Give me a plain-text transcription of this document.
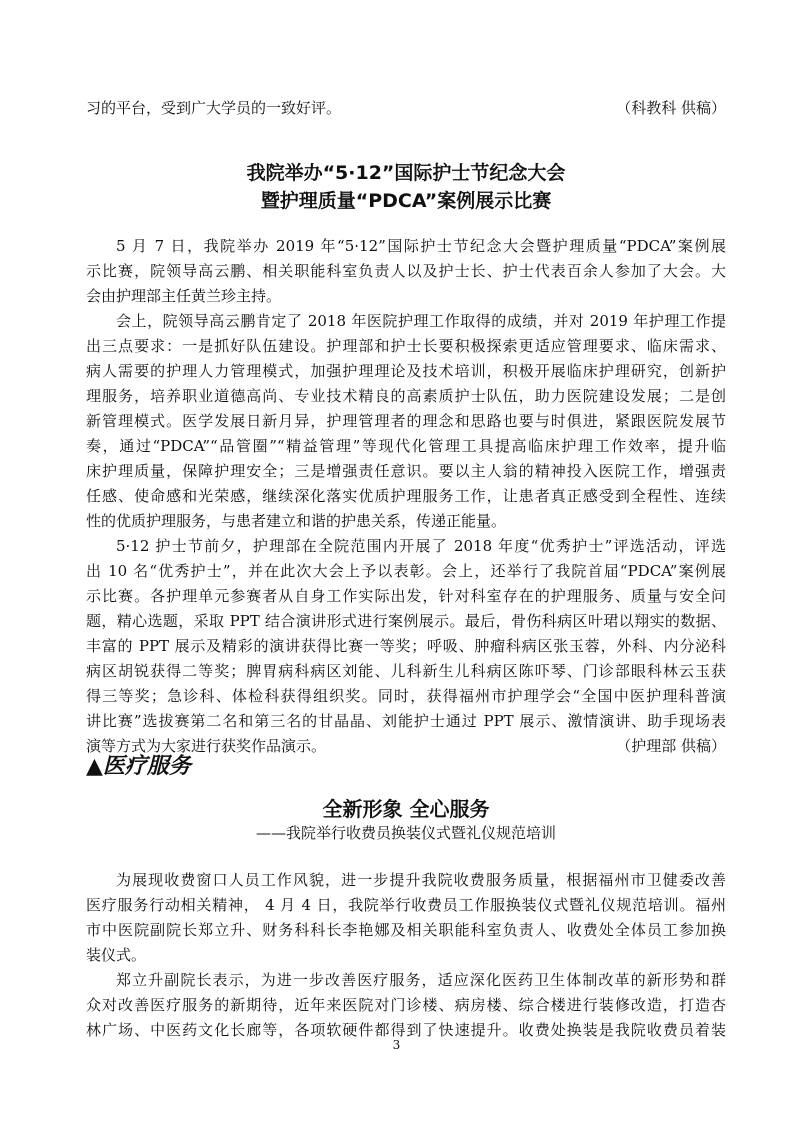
习的平台，受到广大学员的一致好评。	（科教科 供稿）
我院举办“5·12”国际护士节纪念大会
暨护理质量“PDCA”案例展示比赛
5 月 7 日，我院举办 2019 年“5·12”国际护士节纪念大会暨护理质量“PDCA”案例展
示比赛，院领导高云鹏、相关职能科室负责人以及护士长、护士代表百余人参加了大会。大
会由护理部主任黄兰珍主持。
会上，院领导高云鹏肯定了 2018 年医院护理工作取得的成绩，并对 2019 年护理工作提
出三点要求：一是抓好队伍建设。护理部和护士长要积极探索更适应管理要求、临床需求、
病人需要的护理人力管理模式，加强护理理论及技术培训，积极开展临床护理研究，创新护
理服务，培养职业道德高尚、专业技术精良的高素质护士队伍，助力医院建设发展；二是创
新管理模式。医学发展日新月异，护理管理者的理念和思路也要与时俱进，紧跟医院发展节
奏，通过“PDCA”“品管圈”“精益管理”等现代化管理工具提高临床护理工作效率，提升临
床护理质量，保障护理安全；三是增强责任意识。要以主人翁的精神投入医院工作，增强责
任感、使命感和光荣感，继续深化落实优质护理服务工作，让患者真正感受到全程性、连续
性的优质护理服务，与患者建立和谐的护患关系，传递正能量。
5·12 护士节前夕，护理部在全院范围内开展了 2018 年度“优秀护士”评选活动，评选
出 10 名“优秀护士”，并在此次大会上予以表彰。会上，还举行了我院首届“PDCA”案例展
示比赛。各护理单元参赛者从自身工作实际出发，针对科室存在的护理服务、质量与安全问
题，精心选题，采取 PPT 结合演讲形式进行案例展示。最后，骨伤科病区叶珺以翔实的数据、
丰富的 PPT 展示及精彩的演讲获得比赛一等奖；呼吸、肿瘤科病区张玉蓉，外科、内分泌科
病区胡锐获得二等奖；脾胃病科病区刘能、儿科新生儿科病区陈吓琴、门诊部眼科林云玉获
得三等奖；急诊科、体检科获得组织奖。同时，获得福州市护理学会“全国中医护理科普演
讲比赛”选拔赛第二名和第三名的甘晶晶、刘能护士通过 PPT 展示、激情演讲、助手现场表
演等方式为大家进行获奖作品演示。	（护理部 供稿）
▲医疗服务
全新形象 全心服务
——我院举行收费员换装仪式暨礼仪规范培训
为展现收费窗口人员工作风貌，进一步提升我院收费服务质量，根据福州市卫健委改善
医疗服务行动相关精神， 4 月 4 日，我院举行收费员工作服换装仪式暨礼仪规范培训。福州
市中医院副院长郑立升、财务科科长李艳娜及相关职能科室负责人、收费处全体员工参加换
装仪式。
郑立升副院长表示，为进一步改善医疗服务，适应深化医药卫生体制改革的新形势和群
众对改善医疗服务的新期待，近年来医院对门诊楼、病房楼、综合楼进行装修改造，打造杏
林广场、中医药文化长廊等，各项软硬件都得到了快速提升。收费处换装是我院收费员着装
3
